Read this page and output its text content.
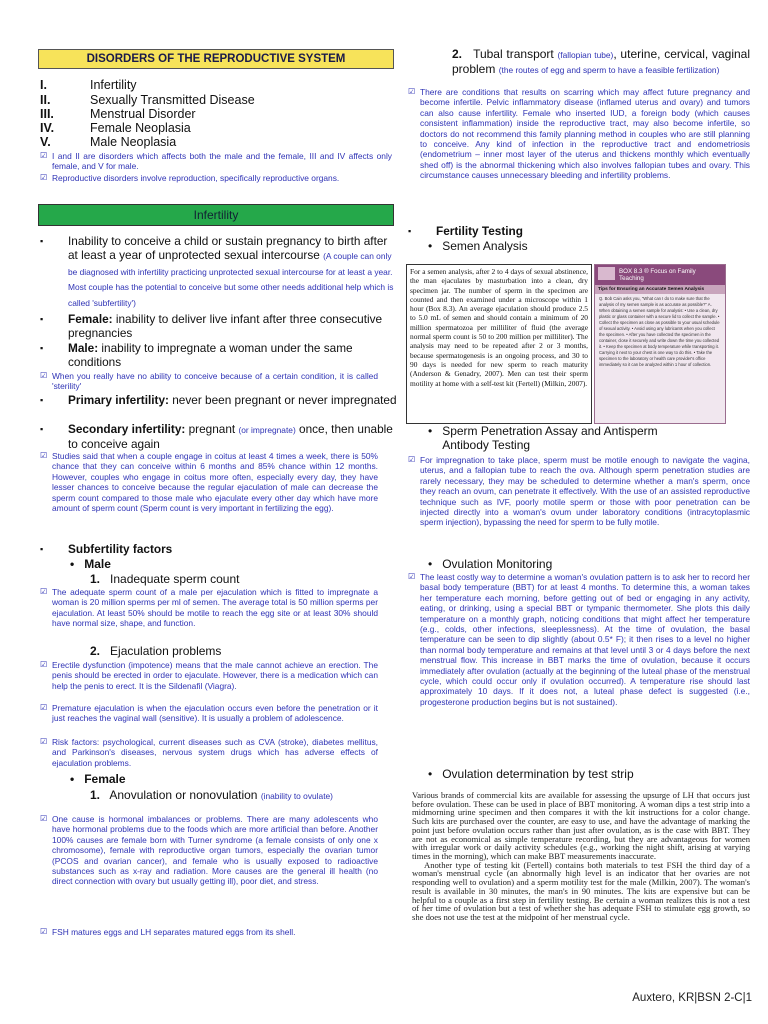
DISORDERS OF THE REPRODUCTIVE SYSTEM
I.	Infertility
II.	Sexually Transmitted Disease
III.	Menstrual Disorder
IV.	Female Neoplasia
V.	Male Neoplasia
☑ I and II are disorders which affects both the male and the female, III and IV affects only female, and V for male.
☑ Reproductive disorders involve reproduction, specifically reproductive organs.
Infertility
▪ Inability to conceive a child or sustain pregnancy to birth after at least a year of unprotected sexual intercourse (A couple can only be diagnosed with infertility practicing unprotected sexual intercourse for at least a year. Most couple has the potential to conceive but some other needs additional help which is called 'subfertility')
▪ Female: inability to deliver live infant after three consecutive pregnancies
▪ Male: inability to impregnate a woman under the same conditions
☑ When you really have no ability to conceive because of a certain condition, it is called 'sterility'
▪ Primary infertility: never been pregnant or never impregnated
▪ Secondary infertility: pregnant (or impregnate) once, then unable to conceive again
☑ Studies said that when a couple engage in coitus at least 4 times a week, there is 50% chance that they can conceive within 6 months and 85% chance within 12 months. However, couples who engage in coitus more often, especially every day, they have lesser chances to conceive because the regular ejaculation of male can decrease the sperm count compared to those male who ejaculate every other day which have more amount of sperm count (Sperm count is very important in fertilizing the egg).
▪ Subfertility factors
•   Male
1. Inadequate sperm count
☑ The adequate sperm count of a male per ejaculation which is fitted to impregnate a woman is 20 million sperms per ml of semen. The average total is 50 million sperms per ejaculation. At least 50% should be motile to reach the egg site or at least 30% should have normal size, shape, and function.
2. Ejaculation problems
☑ Erectile dysfunction (impotence) means that the male cannot achieve an erection. The penis should be erected in order to ejaculate. However, there is a medication which can help the penis to erect. It is the Sildenafil (Viagra).
☑ Premature ejaculation is when the ejaculation occurs even before the penetration or it just reaches the vaginal wall (sensitive). It is usually a problem of adolescence.
☑ Risk factors: psychological, current diseases such as CVA (stroke), diabetes mellitus, and Parkinson's diseases, nervous system drugs which has adverse effects of ejaculation problems.
•   Female
1. Anovulation or nonovulation (inability to ovulate)
☑ One cause is hormonal imbalances or problems. There are many adolescents who have hormonal problems due to the foods which are more artificial than before. Another 100% causes are female born with Turner syndrome (a female consists of only one x chromosome), female with reproductive organ tumors, especially the ovarian tumor (PCOS and ovarian cancer), and female who is usually exposed to radioactive substances such as x-ray and radiation. More causes are the general ill health (no direct connection with ovary but usually getting ill), poor diet, and stress.
☑ FSH matures eggs and LH separates matured eggs from its shell.
2. Tubal transport (fallopian tube), uterine, cervical, vaginal problem (the routes of egg and sperm to have a feasible fertilization)
☑ There are conditions that results on scarring which may affect future pregnancy and become infertile. Pelvic inflammatory disease (inflamed uterus and ovary) and tumors can also cause infertility. Female who inserted IUD, a foreign body (which causes consistent inflammation) inside the reproductive tract, may also become infertile, so doctors do not recommend this family planning method in couples who are still planning to conceive. Any kind of infection in the reproductive tract and endometriosis (endometrium – inner most layer of the uterus and thickens monthly which eventually shed off) is the abnormal thickening which also involves fallopian tubes and ovary. This circumstance causes unnecessary bleeding and infertility problems.
▪ Fertility Testing
•   Semen Analysis
For a semen analysis, after 2 to 4 days of sexual abstinence, the man ejaculates by masturbation into a clean, dry specimen jar. The number of sperm in the specimen are counted and then examined under a microscope within 1 hour (Box 8.3). An average ejaculation should produce 2.5 to 5.0 mL of semen and should contain a minimum of 20 million spermatozoa per milliliter of fluid (the average normal sperm count is 50 to 200 million per milliliter). The analysis may need to be repeated after 2 or 3 months, because spermatogenesis is an ongoing process, and 30 to 90 days is needed for new sperm to reach maturity (Anderson & Genadry, 2007). Men can test their sperm motility at home with a self-test kit (Fertell) (Milkin, 2007).
BOX 8.3 ® Focus on Family Teaching
Tips for Ensuring an Accurate Semen Analysis
Q. Bob Cain asks you, "What can I do to make sure that the analysis of my semen sample is as accurate as possible?" A. When obtaining a semen sample for analysis: • Use a clean, dry plastic or glass container with a secure lid to collect the sample. • Collect the specimen as close as possible to your usual schedule of sexual activity. • Avoid using any lubricants when you collect the specimen. • After you have collected the specimen in the container, close it securely and write down the time you collected it. • Keep the specimen at body temperature while transporting it. Carrying it next to your chest is one way to do this. • Take the specimen to the laboratory or health care provider's office immediately so it can be analyzed within 1 hour of collection.
•   Sperm Penetration Assay and Antisperm Antibody Testing
☑ For impregnation to take place, sperm must be motile enough to navigate the vagina, uterus, and a fallopian tube to reach the ova. Although sperm penetration studies are rarely necessary, they may be scheduled to determine whether a man's sperm, once they reach an ovum, can penetrate it effectively. With the use of an assisted reproductive technique such as IVF, poorly motile sperm or those with poor penetration can be injected directly into a woman's ovum under laboratory conditions (intracytoplasmic sperm injection), bypassing the need for sperm to be fully motile.
•   Ovulation Monitoring
☑ The least costly way to determine a woman's ovulation pattern is to ask her to record her basal body temperature (BBT) for at least 4 months. To determine this, a woman takes her temperature each morning, before getting out of bed or engaging in any activity, eating, or drinking, using a special BBT or tympanic thermometer. She plots this daily temperature on a monthly graph, noticing conditions that might affect her temperature (e.g., colds, other infections, sleeplessness). At the time of ovulation, the basal temperature can be seen to dip slightly (about 0.5* F); it then rises to a level no higher than normal body temperature and remains at that level until 3 or 4 days before the next menstrual flow. This increase in BBT marks the time of ovulation, because it occurs immediately after ovulation (actually at the beginning of the luteal phase of the menstrual cycle, which could occur only if ovulation occurred). A temperature rise should last approximately 10 days. If it does not, a luteal phase defect is suggested (i.e., progesterone production begins but is not sustained).
•   Ovulation determination by test strip
Various brands of commercial kits are available for assessing the upsurge of LH that occurs just before ovulation. These can be used in place of BBT monitoring. A woman dips a test strip into a midmorning urine specimen and then compares it with the kit instructions for a color change. Such kits are purchased over the counter, are easy to use, and have the advantage of marking the point just before ovulation occurs rather than just after ovulation, as is the case with BBT. They are not as economical as simple temperature recording, but they are advantageous for women with irregular work or daily activity schedules (e.g., working the night shift, arising at varying times in the morning), which can make BBT measurements inaccurate.
Another type of testing kit (Fertell) contains both materials to test FSH the third day of a woman's menstrual cycle (an abnormally high level is an indicator that her ovaries are not responding well to ovulation) and a sperm motility test for the male (Milkin, 2007). The woman's result is available in 30 minutes, the man's in 90 minutes. The kits are expensive but can be helpful to a couple as a first step in fertility testing. Be certain a woman realizes this is not a test of her time of ovulation but a test of whether she has adequate FSH to stimulate egg growth, so she does not use the test at the midpoint of her menstrual cycle.
Auxtero, KR|BSN 2-C|1
